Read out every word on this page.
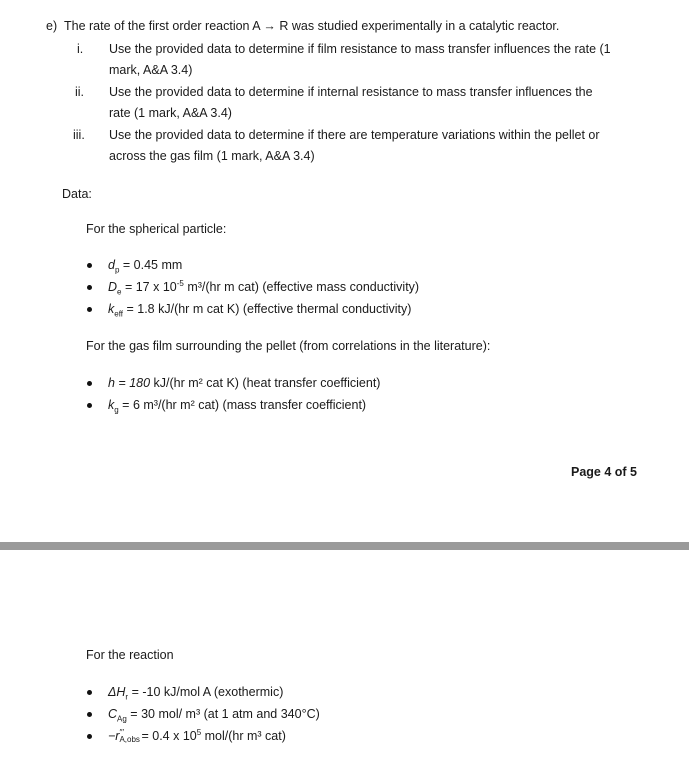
e) The rate of the first order reaction A → R was studied experimentally in a catalytic reactor.
i. Use the provided data to determine if film resistance to mass transfer influences the rate (1
mark, A&A 3.4)
ii. Use the provided data to determine if internal resistance to mass transfer influences the
rate (1 mark, A&A 3.4)
iii. Use the provided data to determine if there are temperature variations within the pellet or
across the gas film (1 mark, A&A 3.4)
Data:
For the spherical particle:
$d_p = 0.45$ mm
$D_e = 17$ x $10^{-5}$ m³/(hr m cat) (effective mass conductivity)
$k_{eff} = 1.8$ kJ/(hr m cat K) (effective thermal conductivity)
For the gas film surrounding the pellet (from correlations in the literature):
h = 180 kJ/(hr m² cat K) (heat transfer coefficient)
$k_g = 6$ m³/(hr m² cat) (mass transfer coefficient)
Page 4 of 5
For the reaction
$\Delta H_r = -10$ kJ/mol A (exothermic)
$C_{Ag} = 30$ mol/ m³ (at 1 atm and 340°C)
−r ′′′
A,obs = 0.4 x $10^5$ mol/(hr m³ cat)
